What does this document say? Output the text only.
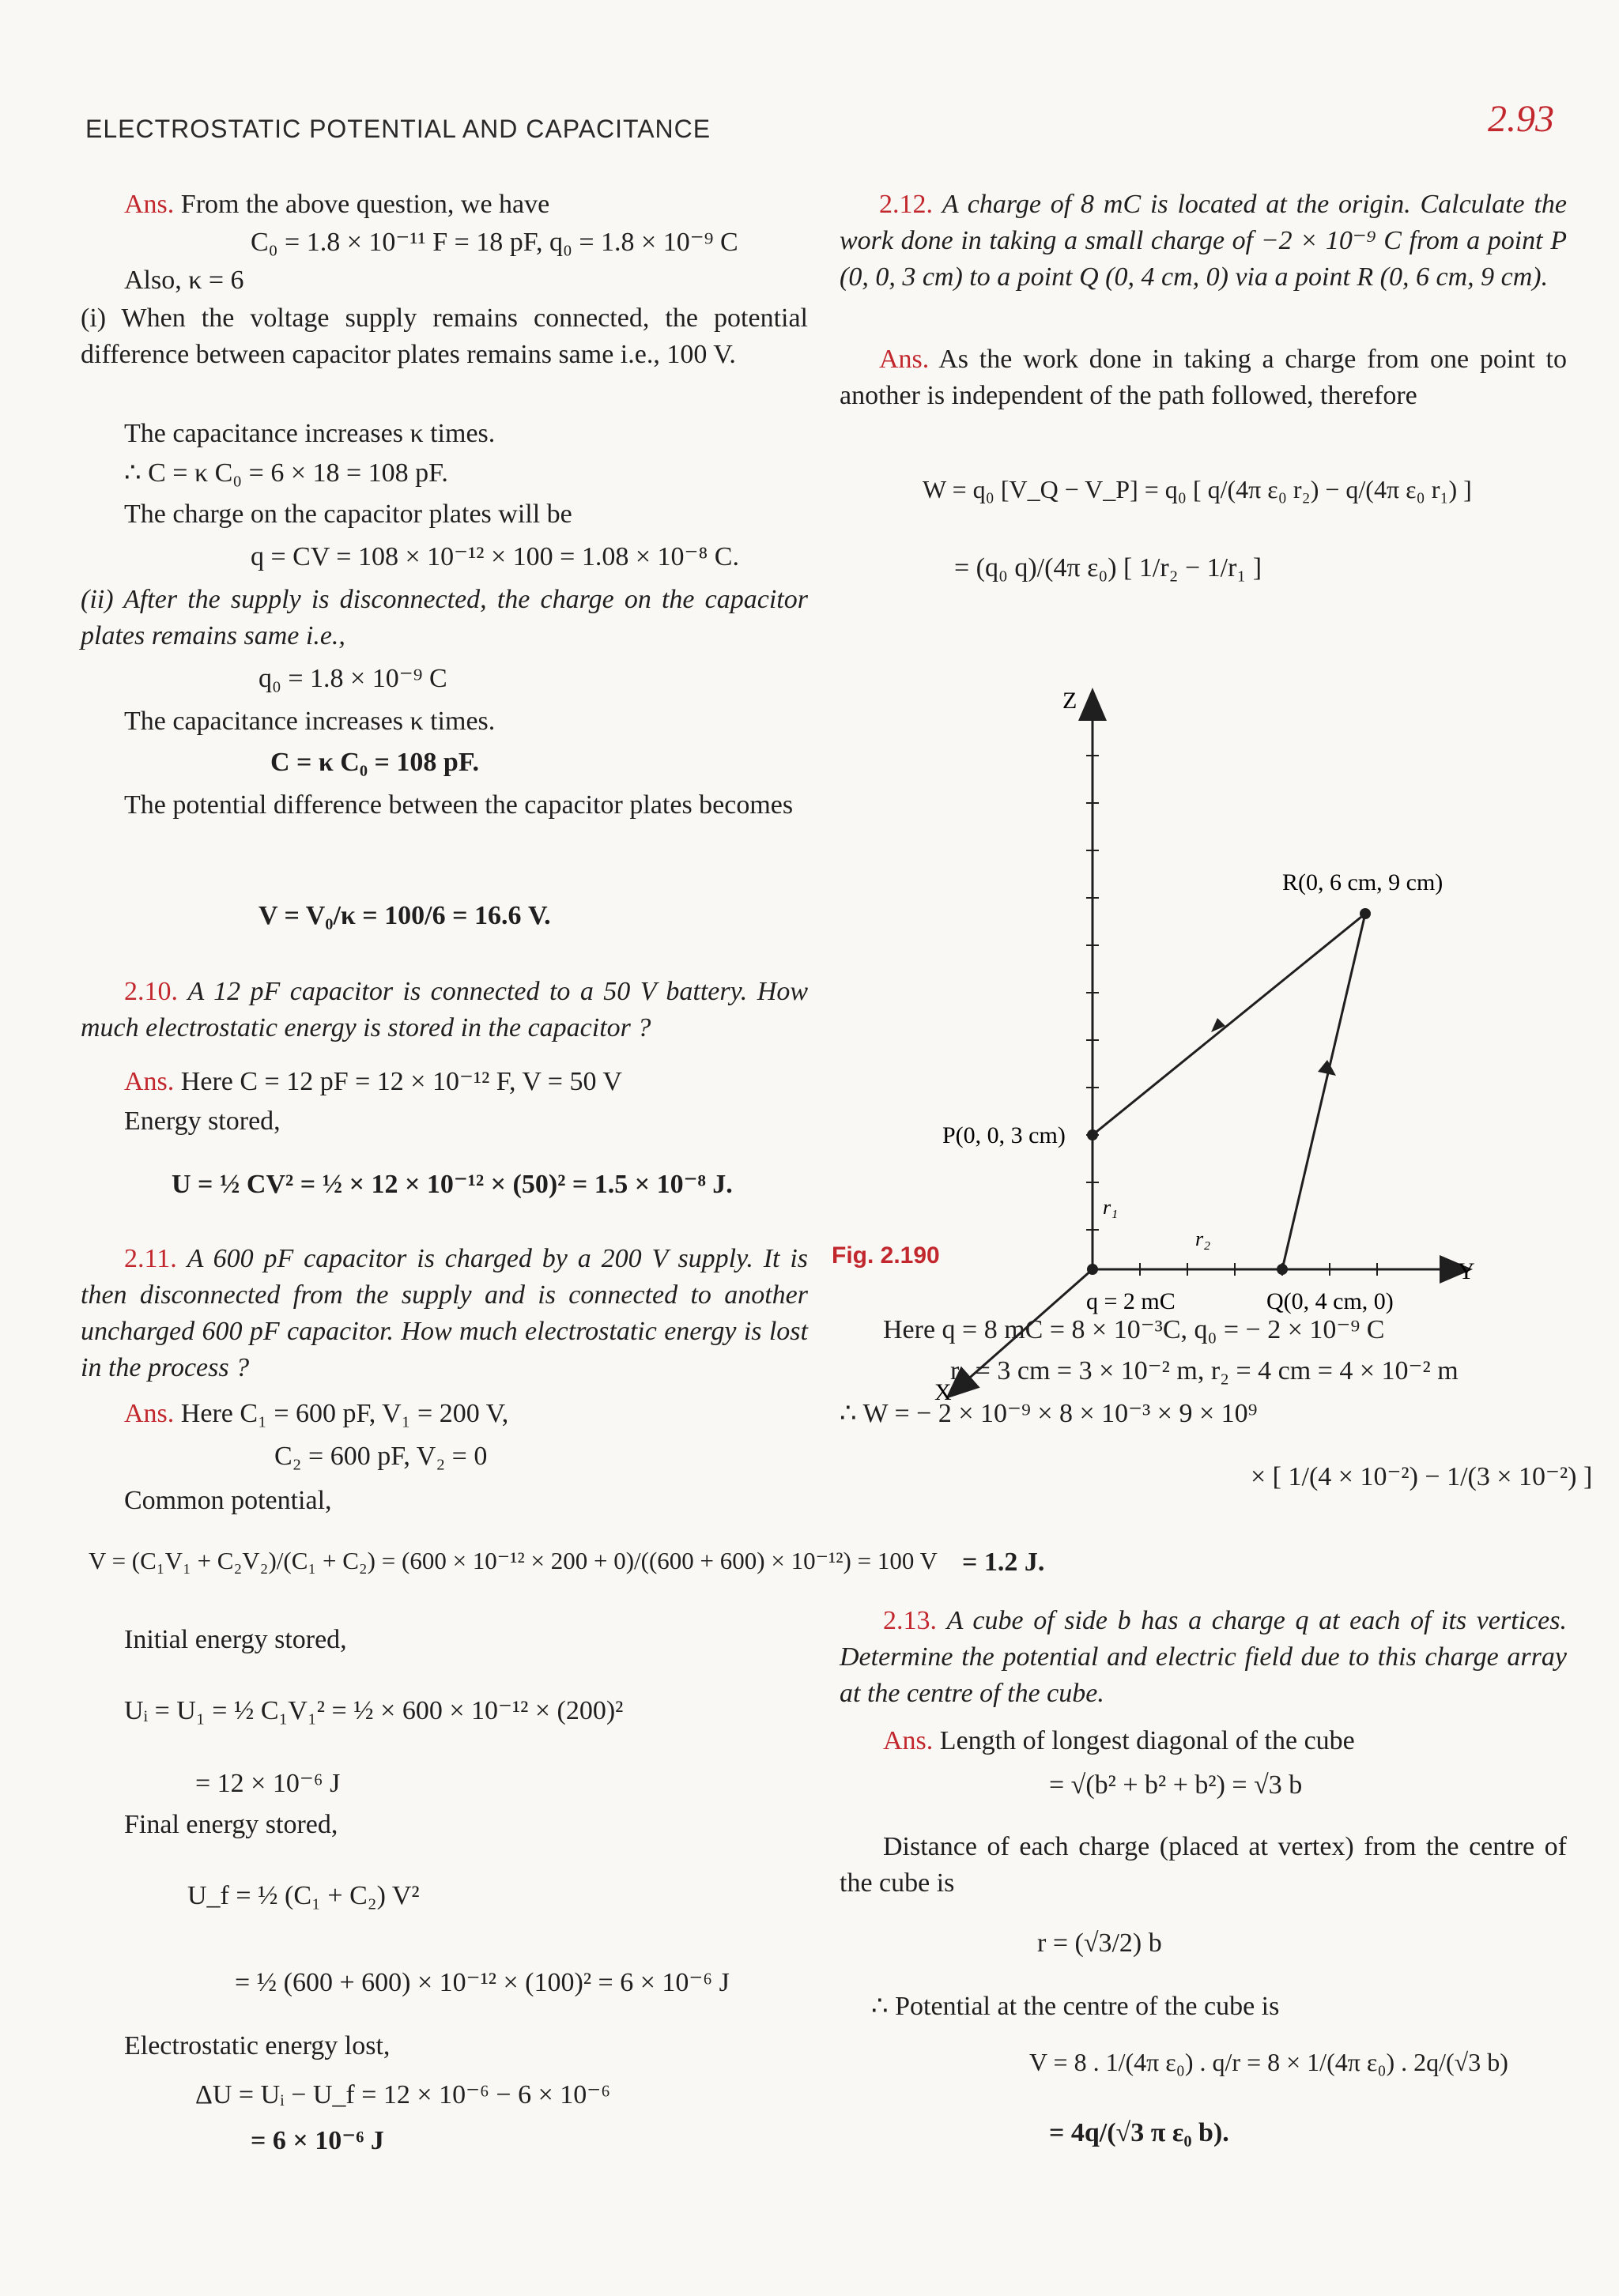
ELECTROSTATIC POTENTIAL AND CAPACITANCE	2.93
Ans. From the above question, we have
C₀ = 1.8 × 10⁻¹¹ F = 18 pF, q₀ = 1.8 × 10⁻⁹ C
Also, κ = 6
(i) When the voltage supply remains connected, the potential difference between capacitor plates remains same i.e., 100 V.
The capacitance increases κ times.
∴ C = κ C₀ = 6 × 18 = 108 pF.
The charge on the capacitor plates will be
q = CV = 108 × 10⁻¹² × 100 = 1.08 × 10⁻⁸ C.
(ii) After the supply is disconnected, the charge on the capacitor plates remains same i.e.,
q₀ = 1.8 × 10⁻⁹ C
The capacitance increases κ times.
C = κ C₀ = 108 pF.
The potential difference between the capacitor plates becomes
V = V₀/κ = 100/6 = 16.6 V.
2.10. A 12 pF capacitor is connected to a 50 V battery. How much electrostatic energy is stored in the capacitor ?
Ans. Here C = 12 pF = 12 × 10⁻¹² F, V = 50 V
Energy stored,
U = ½ CV² = ½ × 12 × 10⁻¹² × (50)² = 1.5 × 10⁻⁸ J.
2.11. A 600 pF capacitor is charged by a 200 V supply. It is then disconnected from the supply and is connected to another uncharged 600 pF capacitor. How much electrostatic energy is lost in the process ?
Ans. Here C₁ = 600 pF, V₁ = 200 V,
C₂ = 600 pF, V₂ = 0
Common potential,
V = (C₁V₁ + C₂V₂)/(C₁ + C₂) = (600 × 10⁻¹² × 200 + 0)/((600 + 600) × 10⁻¹²) = 100 V
Initial energy stored,
Uᵢ = U₁ = ½ C₁V₁² = ½ × 600 × 10⁻¹² × (200)²
= 12 × 10⁻⁶ J
Final energy stored,
U_f = ½ (C₁ + C₂) V²
= ½ (600 + 600) × 10⁻¹² × (100)² = 6 × 10⁻⁶ J
Electrostatic energy lost,
ΔU = Uᵢ − U_f = 12 × 10⁻⁶ − 6 × 10⁻⁶
= 6 × 10⁻⁶ J
2.12. A charge of 8 mC is located at the origin. Calculate the work done in taking a small charge of −2 × 10⁻⁹ C from a point P (0, 0, 3 cm) to a point Q (0, 4 cm, 0) via a point R (0, 6 cm, 9 cm).
Ans. As the work done in taking a charge from one point to another is independent of the path followed, therefore
W = q₀ [V_Q − V_P] = q₀ [ q/(4π ε₀ r₂) − q/(4π ε₀ r₁) ]
= (q₀ q)/(4π ε₀) [ 1/r₂ − 1/r₁ ]
Z
Y
X
R(0, 6 cm, 9 cm)
P(0, 0, 3 cm)
Q(0, 4 cm, 0)
q = 2 mC
r₁
r₂
Fig. 2.190
Here q = 8 mC = 8 × 10⁻³C, q₀ = − 2 × 10⁻⁹ C
r₁ = 3 cm = 3 × 10⁻² m, r₂ = 4 cm = 4 × 10⁻² m
∴ W = − 2 × 10⁻⁹ × 8 × 10⁻³ × 9 × 10⁹
× [ 1/(4 × 10⁻²) − 1/(3 × 10⁻²) ]
= 1.2 J.
2.13. A cube of side b has a charge q at each of its vertices. Determine the potential and electric field due to this charge array at the centre of the cube.
Ans. Length of longest diagonal of the cube
= √(b² + b² + b²) = √3 b
Distance of each charge (placed at vertex) from the centre of the cube is
r = (√3/2) b
∴ Potential at the centre of the cube is
V = 8 . 1/(4π ε₀) . q/r = 8 × 1/(4π ε₀) . 2q/(√3 b)
= 4q/(√3 π ε₀ b).
